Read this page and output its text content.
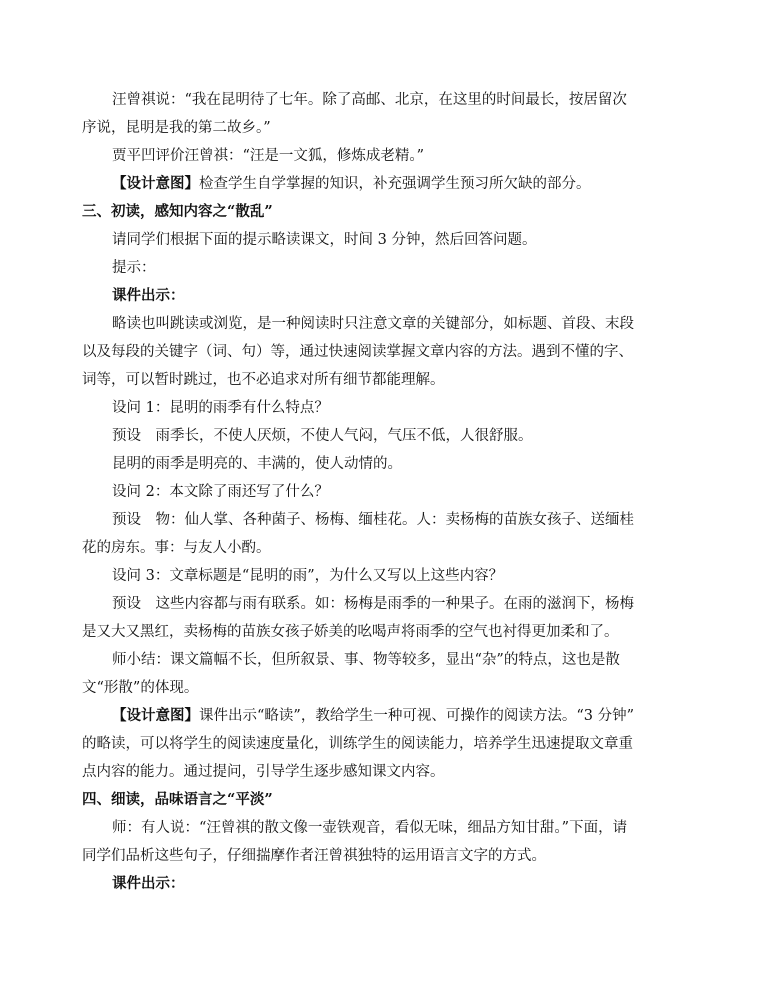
汪曾祺说：“我在昆明待了七年。除了高邮、北京，在这里的时间最长，按居留次
序说，昆明是我的第二故乡。”
贾平凹评价汪曾祺：“汪是一文狐，修炼成老精。”
【设计意图】检查学生自学掌握的知识，补充强调学生预习所欠缺的部分。
三、初读，感知内容之“散乱”
请同学们根据下面的提示略读课文，时间 3 分钟，然后回答问题。
提示：
课件出示：
略读也叫跳读或浏览，是一种阅读时只注意文章的关键部分，如标题、首段、末段
以及每段的关键字（词、句）等，通过快速阅读掌握文章内容的方法。遇到不懂的字、
词等，可以暂时跳过，也不必追求对所有细节都能理解。
设问 1：昆明的雨季有什么特点？
预设　雨季长，不使人厌烦，不使人气闷，气压不低，人很舒服。
昆明的雨季是明亮的、丰满的，使人动情的。
设问 2：本文除了雨还写了什么？
预设　物：仙人掌、各种菌子、杨梅、缅桂花。人：卖杨梅的苗族女孩子、送缅桂
花的房东。事：与友人小酌。
设问 3：文章标题是“昆明的雨”，为什么又写以上这些内容？
预设　这些内容都与雨有联系。如：杨梅是雨季的一种果子。在雨的滋润下，杨梅
是又大又黑红，卖杨梅的苗族女孩子娇美的吆喝声将雨季的空气也衬得更加柔和了。
师小结：课文篇幅不长，但所叙景、事、物等较多，显出“杂”的特点，这也是散
文“形散”的体现。
【设计意图】课件出示“略读”，教给学生一种可视、可操作的阅读方法。“3 分钟”
的略读，可以将学生的阅读速度量化，训练学生的阅读能力，培养学生迅速提取文章重
点内容的能力。通过提问，引导学生逐步感知课文内容。
四、细读，品味语言之“平淡”
师：有人说：“汪曾祺的散文像一壶铁观音，看似无味，细品方知甘甜。”下面，请
同学们品析这些句子，仔细揣摩作者汪曾祺独特的运用语言文字的方式。
课件出示：
